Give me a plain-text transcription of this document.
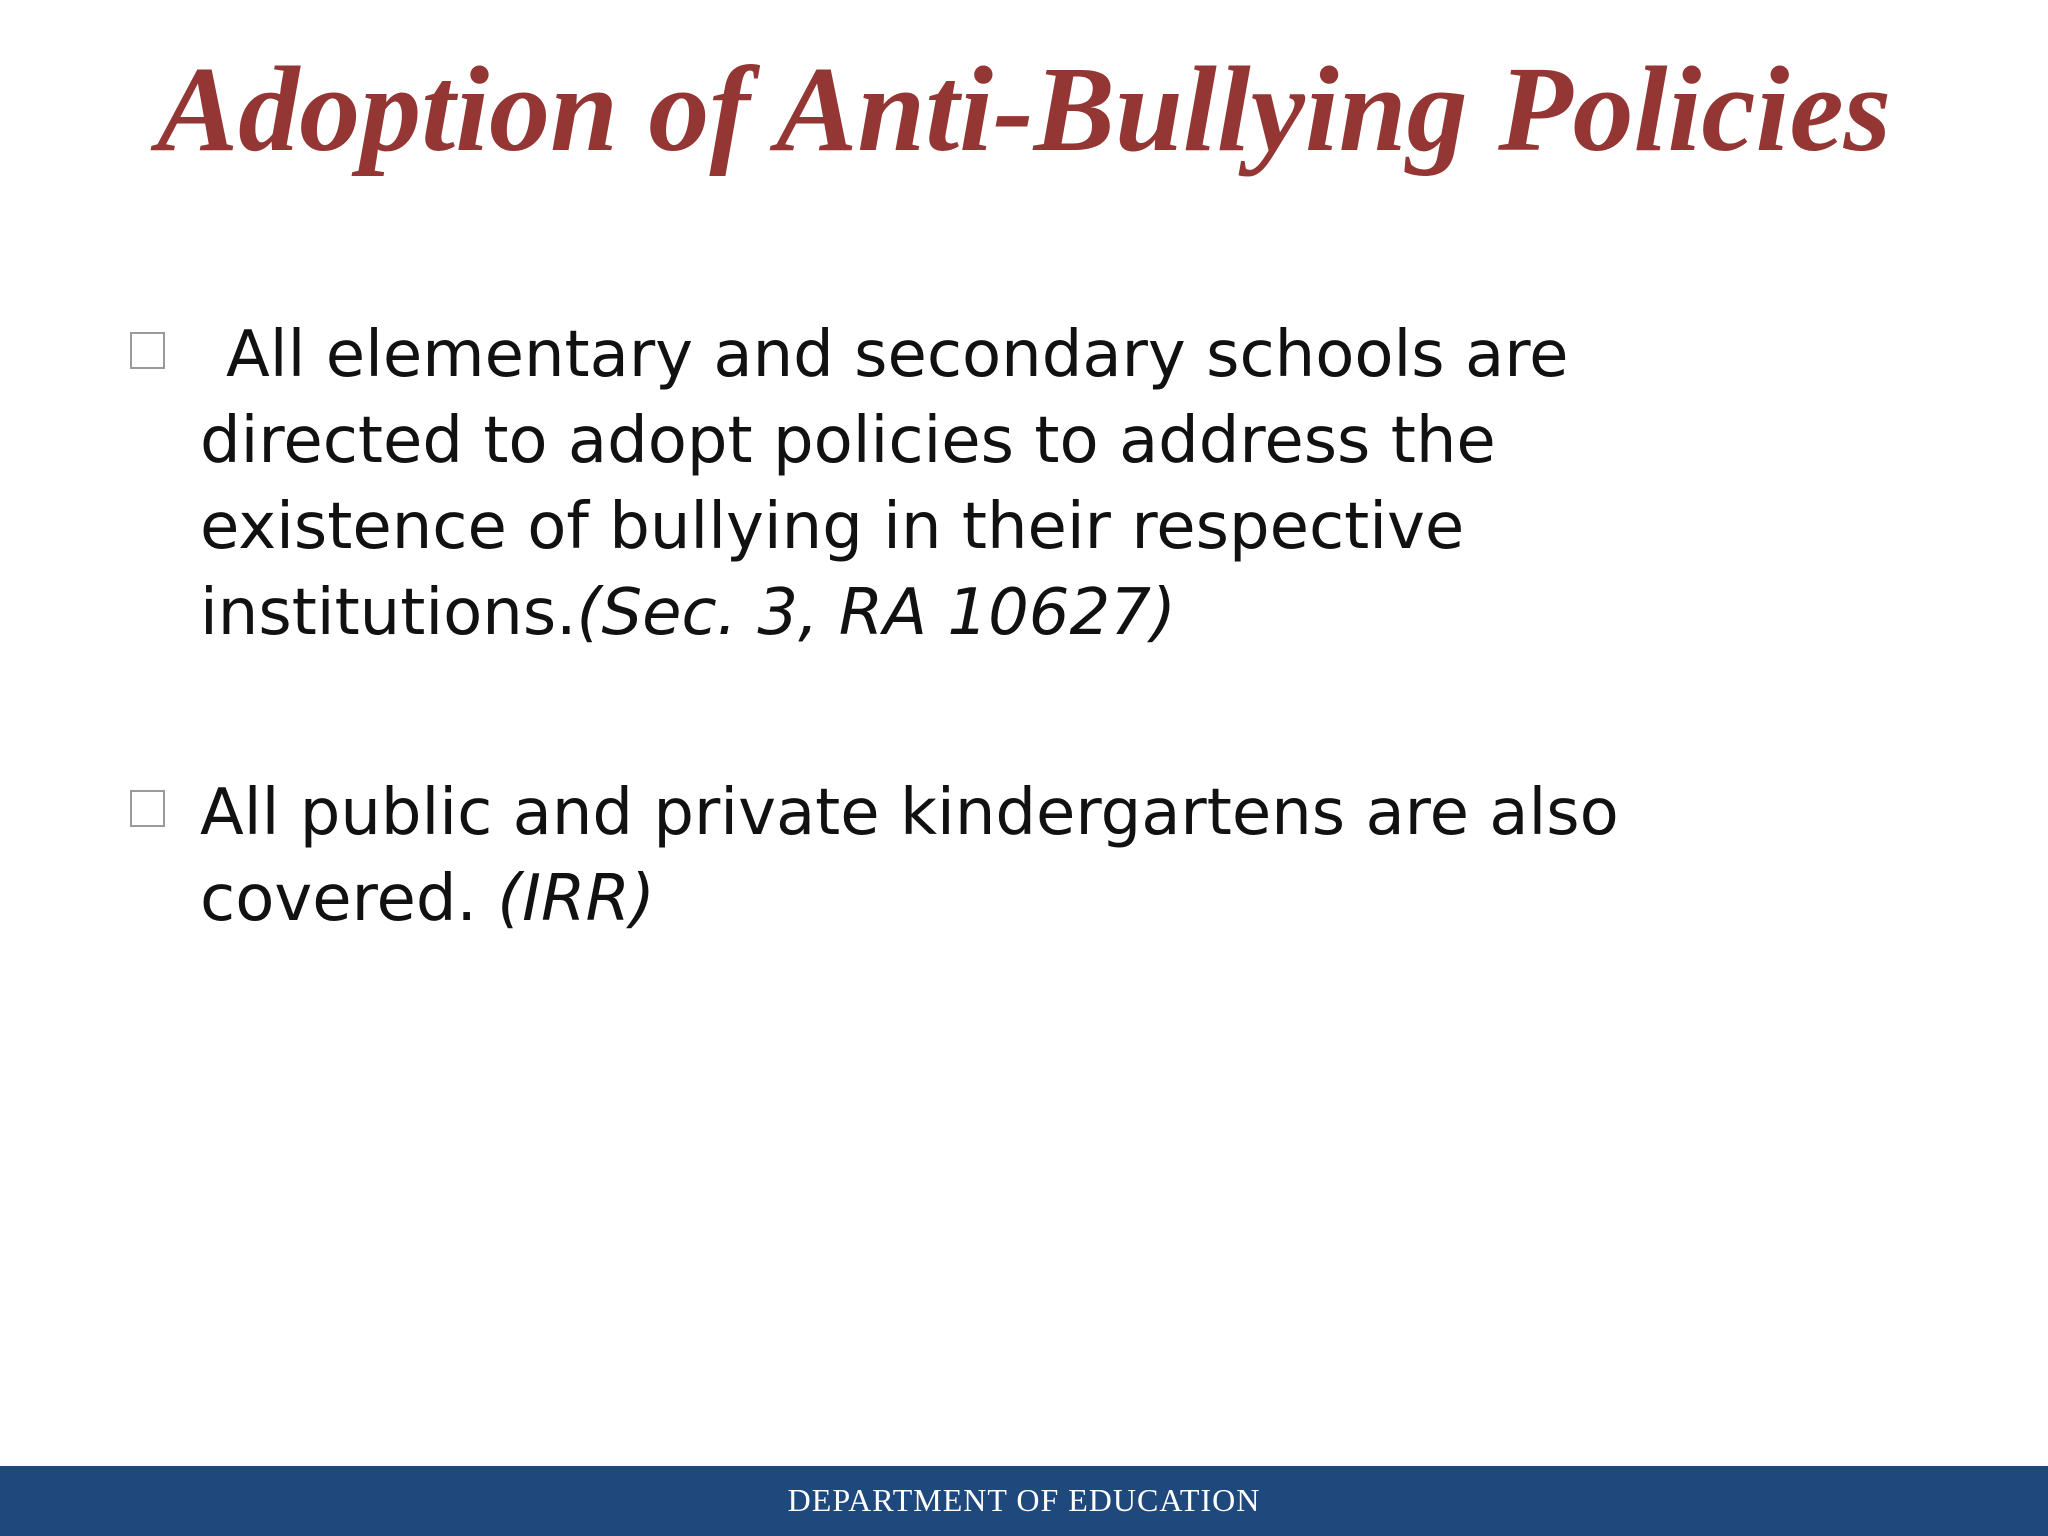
Adoption of Anti-Bullying Policies
All elementary and secondary schools are
directed to adopt policies to address the
existence of bullying in their respective
institutions.(Sec. 3, RA 10627)
All public and private kindergartens are also
covered. (IRR)
DEPARTMENT OF EDUCATION
